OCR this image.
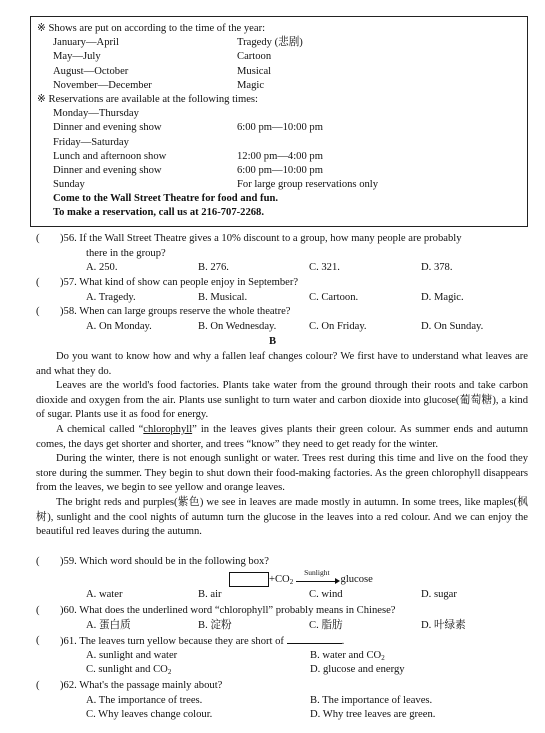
※ Shows are put on according to the time of the year:
January—April	Tragedy (悲剧)
May—July	Cartoon
August—October	Musical
November—December	Magic
※ Reservations are available at the following times:
Monday—Thursday
Dinner and evening show	6:00 pm—10:00 pm
Friday—Saturday
Lunch and afternoon show	12:00 pm—4:00 pm
Dinner and evening show	6:00 pm—10:00 pm
Sunday	For large group reservations only
Come to the Wall Street Theatre for food and fun.
To make a reservation, call us at 216-707-2268.
( )56. If the Wall Street Theatre gives a 10% discount to a group, how many people are probably
there in the group?
A. 250.	B. 276.	C. 321.	D. 378.
( )57. What kind of show can people enjoy in September?
A. Tragedy.	B. Musical.	C. Cartoon.	D. Magic.
( )58. When can large groups reserve the whole theatre?
A. On Monday.	B. On Wednesday.	C. On Friday.	D. On Sunday.
B

Do you want to know how and why a fallen leaf changes colour? We first have to understand what leaves are and what they do.

Leaves are the world's food factories. Plants take water from the ground through their roots and take carbon dioxide and oxygen from the air. Plants use sunlight to turn water and carbon dioxide into glucose(葡萄糖), a kind of sugar. Plants use it as food for energy.

A chemical called “chlorophyll” in the leaves gives plants their green colour. As summer ends and autumn comes, the days get shorter and shorter, and trees “know” they need to get ready for the winter.

During the winter, there is not enough sunlight or water. Trees rest during this time and live on the food they store during the summer. They begin to shut down their food-making factories. As the green chlorophyll disappears from the leaves, we begin to see yellow and orange leaves.

The bright reds and purples(紫色) we see in leaves are made mostly in autumn. In some trees, like maples(枫树), sunlight and the cool nights of autumn turn the glucose in the leaves into a red colour. And we can enjoy the beautiful red leaves during the autumn.

( )59. Which word should be in the following box?
$+CO_2$
Sunlight
glucose
A. water	B. air	C. wind	D. sugar
( )60. What does the underlined word “chlorophyll” probably means in Chinese?
A. 蛋白质	B. 淀粉	C. 脂肪	D. 叶绿素
( )61. The leaves turn yellow because they are short of	.
A. sunlight and water	B. water and $CO_2$
C. sunlight and $CO_2$	D. glucose and energy
( )62. What's the passage mainly about?
A. The importance of trees.	B. The importance of leaves.
C. Why leaves change colour.	D. Why tree leaves are green.
